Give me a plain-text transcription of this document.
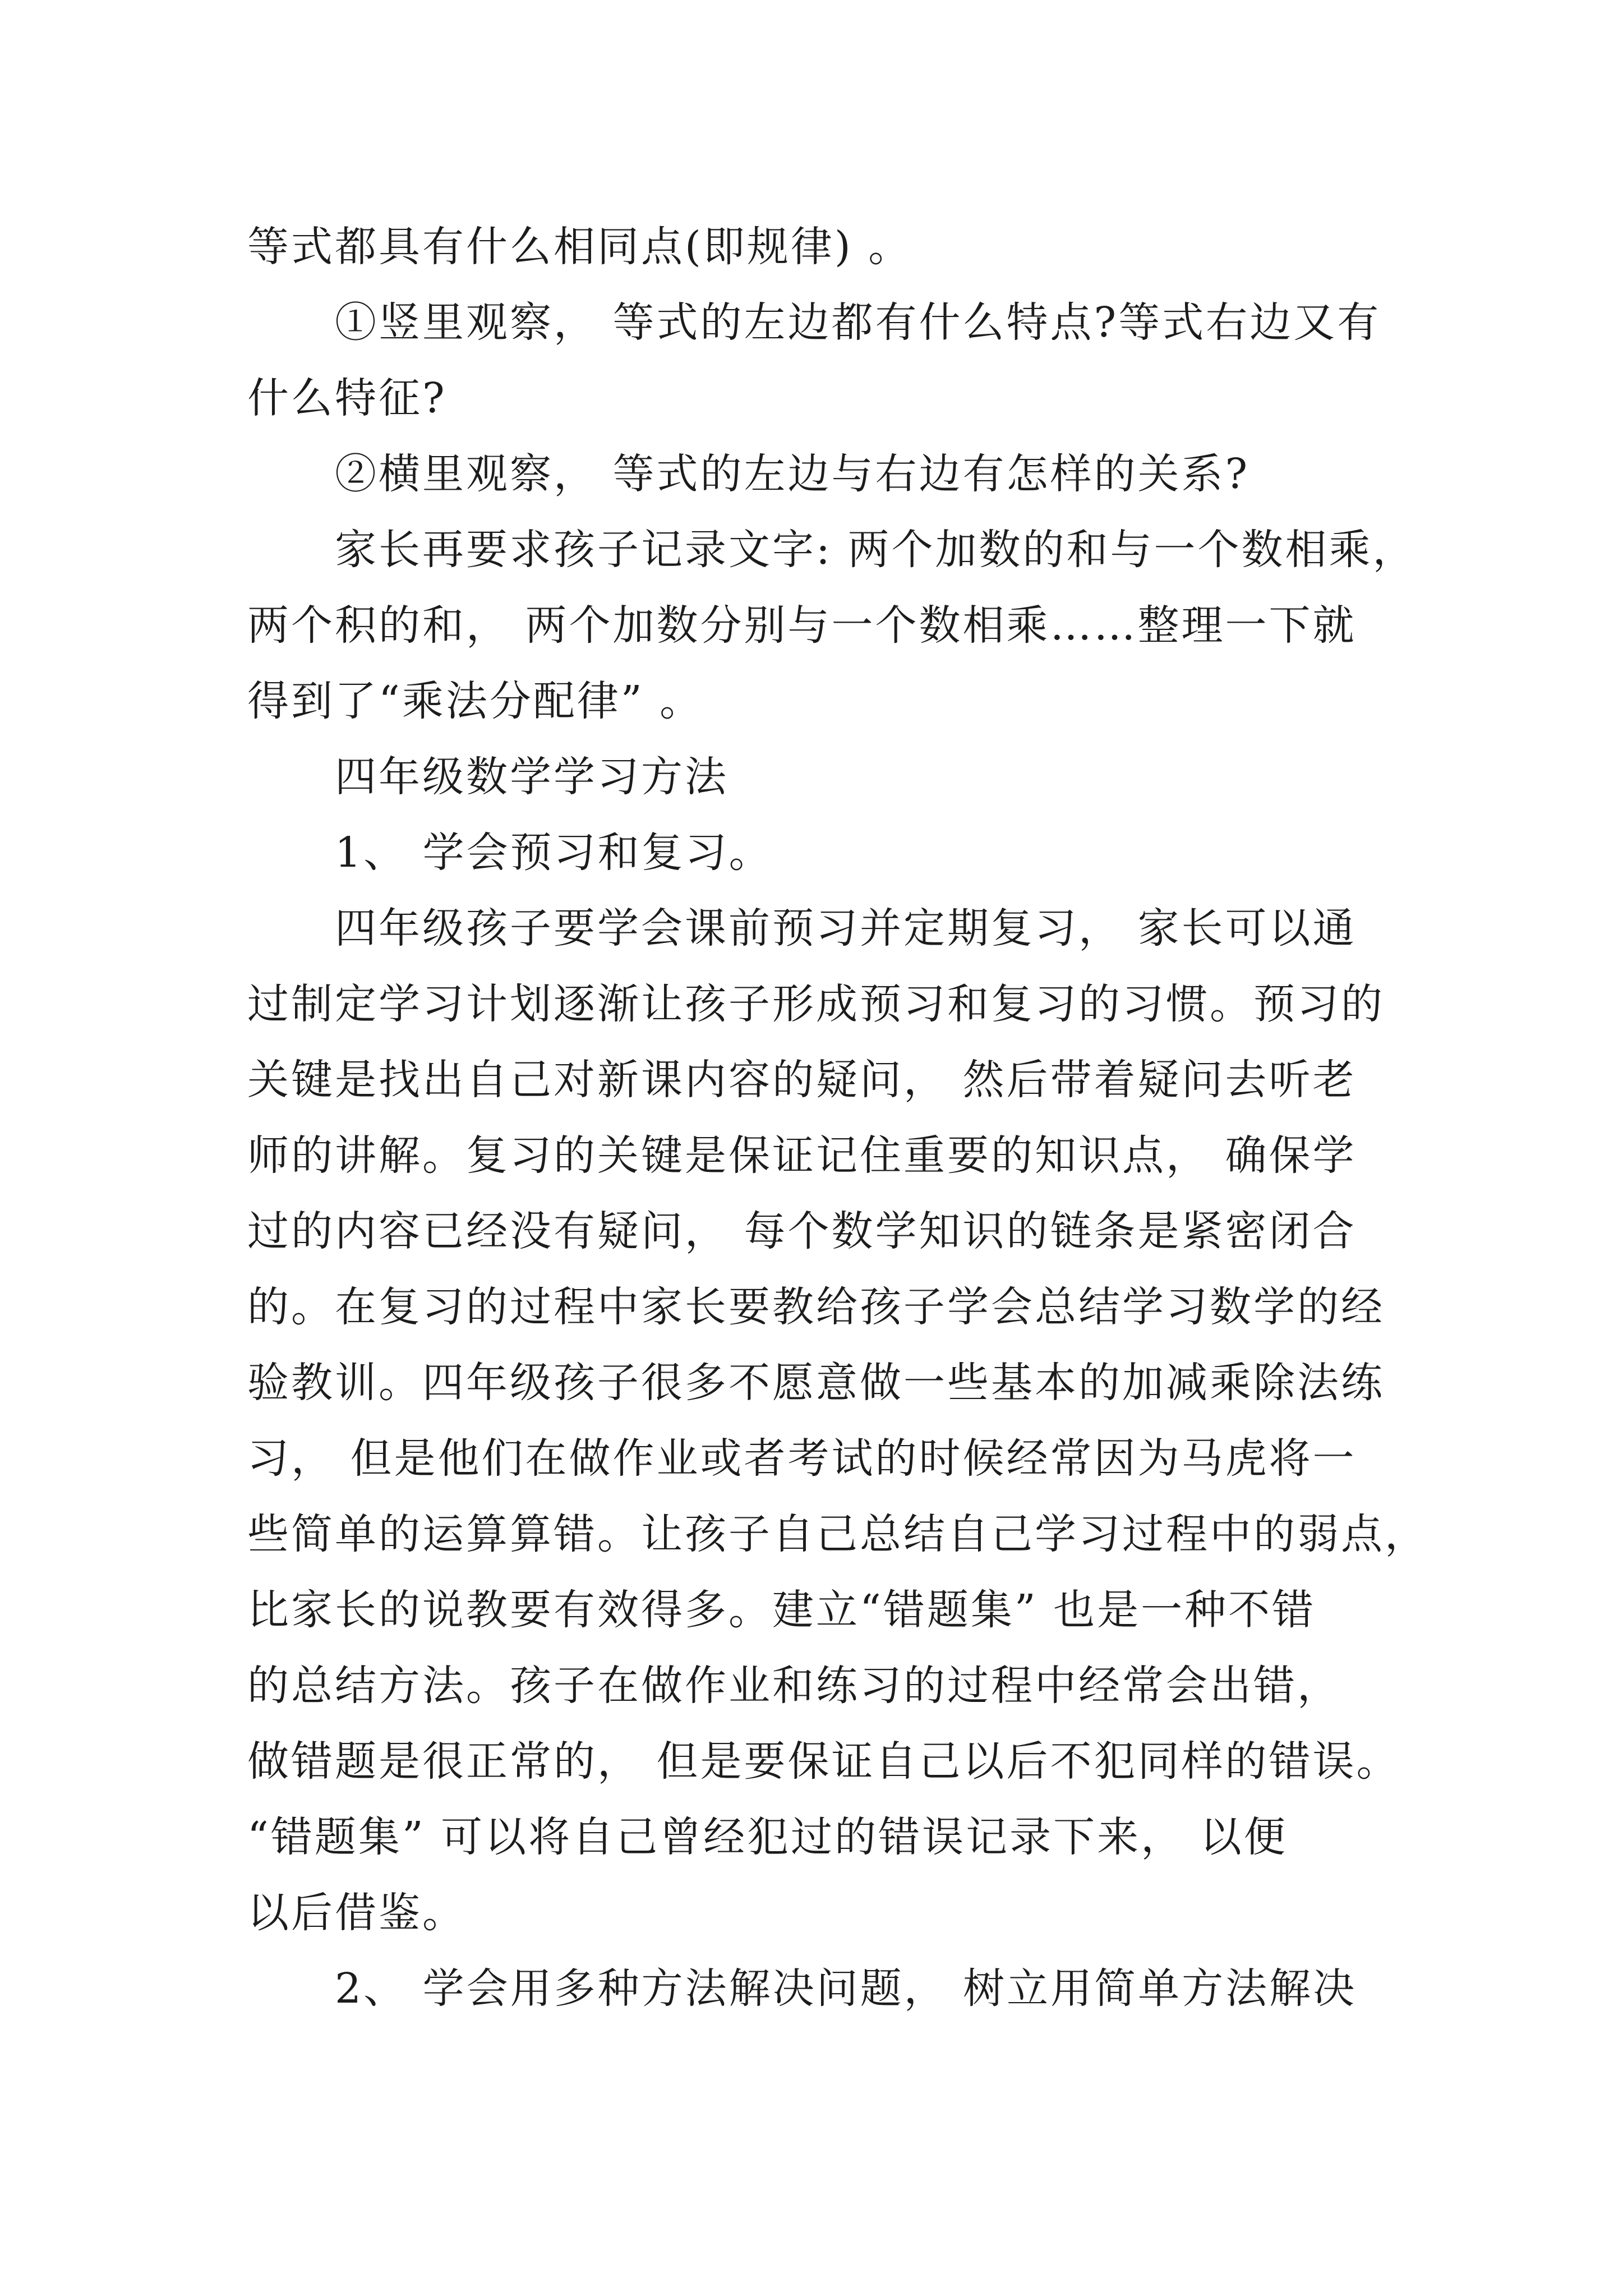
等式都具有什么相同点(即规律) 。

①竖里观察， 等式的左边都有什么特点?等式右边又有

什么特征?

②横里观察， 等式的左边与右边有怎样的关系?

家长再要求孩子记录文字: 两个加数的和与一个数相乘，

两个积的和， 两个加数分别与一个数相乘……整理一下就

得到了“乘法分配律” 。

四年级数学学习方法

1、 学会预习和复习。

四年级孩子要学会课前预习并定期复习， 家长可以通

过制定学习计划逐渐让孩子形成预习和复习的习惯。预习的

关键是找出自己对新课内容的疑问， 然后带着疑问去听老

师的讲解。复习的关键是保证记住重要的知识点， 确保学

过的内容已经没有疑问， 每个数学知识的链条是紧密闭合

的。在复习的过程中家长要教给孩子学会总结学习数学的经

验教训。四年级孩子很多不愿意做一些基本的加减乘除法练

习， 但是他们在做作业或者考试的时候经常因为马虎将一

些简单的运算算错。让孩子自己总结自己学习过程中的弱点，

比家长的说教要有效得多。建立“错题集” 也是一种不错

的总结方法。孩子在做作业和练习的过程中经常会出错，

做错题是很正常的， 但是要保证自己以后不犯同样的错误。

“错题集” 可以将自己曾经犯过的错误记录下来， 以便

以后借鉴。

2、 学会用多种方法解决问题， 树立用简单方法解决
